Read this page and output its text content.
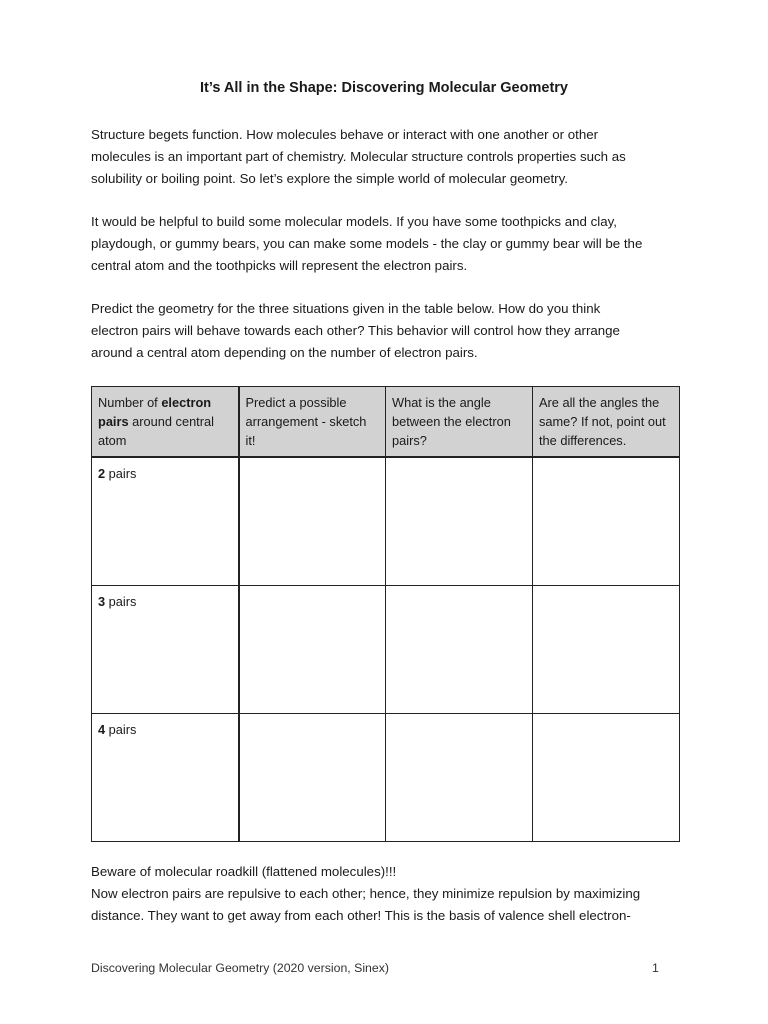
It’s All in the Shape: Discovering Molecular Geometry
Structure begets function. How molecules behave or interact with one another or other
molecules is an important part of chemistry. Molecular structure controls properties such as
solubility or boiling point. So let’s explore the simple world of molecular geometry.
It would be helpful to build some molecular models. If you have some toothpicks and clay,
playdough, or gummy bears, you can make some models - the clay or gummy bear will be the
central atom and the toothpicks will represent the electron pairs.
Predict the geometry for the three situations given in the table below. How do you think
electron pairs will behave towards each other? This behavior will control how they arrange
around a central atom depending on the number of electron pairs.
Number of electron pairs around central atom	Predict a possible arrangement - sketch it!	What is the angle between the electron pairs?	Are all the angles the same? If not, point out the differences.
2 pairs			
3 pairs			
4 pairs			
Beware of molecular roadkill (flattened molecules)!!!
Now electron pairs are repulsive to each other; hence, they minimize repulsion by maximizing
distance. They want to get away from each other! This is the basis of valence shell electron-
Discovering Molecular Geometry (2020 version, Sinex)	1
